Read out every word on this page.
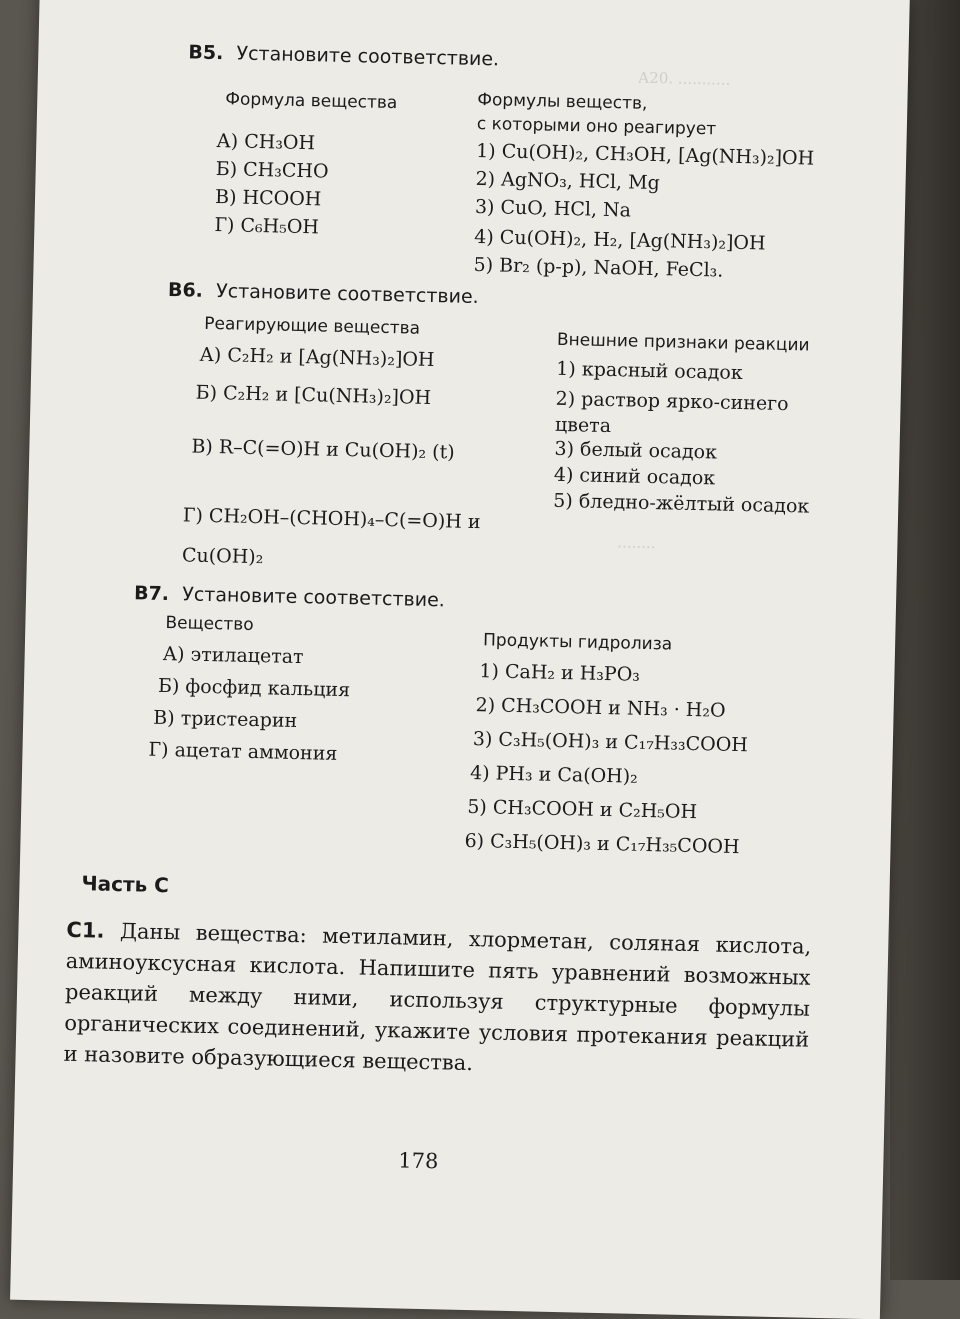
А20. ...........
........
B5. Установите соответствие.
Формула вещества	Формулы веществ,
с которыми оно реагирует
А) CH₃OH
Б) CH₃CHO
В) HCOOH
Г) C₆H₅OH
1) Cu(OH)₂, CH₃OH, [Ag(NH₃)₂]OH
2) AgNO₃, HCl, Mg
3) CuO, HCl, Na
4) Cu(OH)₂, H₂, [Ag(NH₃)₂]OH
5) Br₂ (р-р), NaOH, FeCl₃.
B6. Установите соответствие.
Реагирующие вещества
Внешние признаки реакции
А) C₂H₂ и [Ag(NH₃)₂]OH
Б) C₂H₂ и [Cu(NH₃)₂]OH
В) R–C(=O)H и Cu(OH)₂ (t)
Г) CH₂OH–(CHOH)₄–C(=O)H и Cu(OH)₂
1) красный осадок
2) раствор ярко-синего цвета
3) белый осадок
4) синий осадок
5) бледно-жёлтый осадок
B7. Установите соответствие.
Вещество
Продукты гидролиза
А) этилацетат
Б) фосфид кальция
В) тристеарин
Г) ацетат аммония
1) CaH₂ и H₃PO₃
2) CH₃COOH и NH₃ · H₂O
3) C₃H₅(OH)₃ и C₁₇H₃₃COOH
4) PH₃ и Ca(OH)₂
5) CH₃COOH и C₂H₅OH
6) C₃H₅(OH)₃ и C₁₇H₃₅COOH
Часть С
С1. Даны вещества: метиламин, хлорметан, соляная кислота, аминоуксусная кислота. Напишите пять уравнений возможных реакций между ними, используя структурные формулы органических соединений, укажите условия протекания реакций и назовите образующиеся вещества.
178
